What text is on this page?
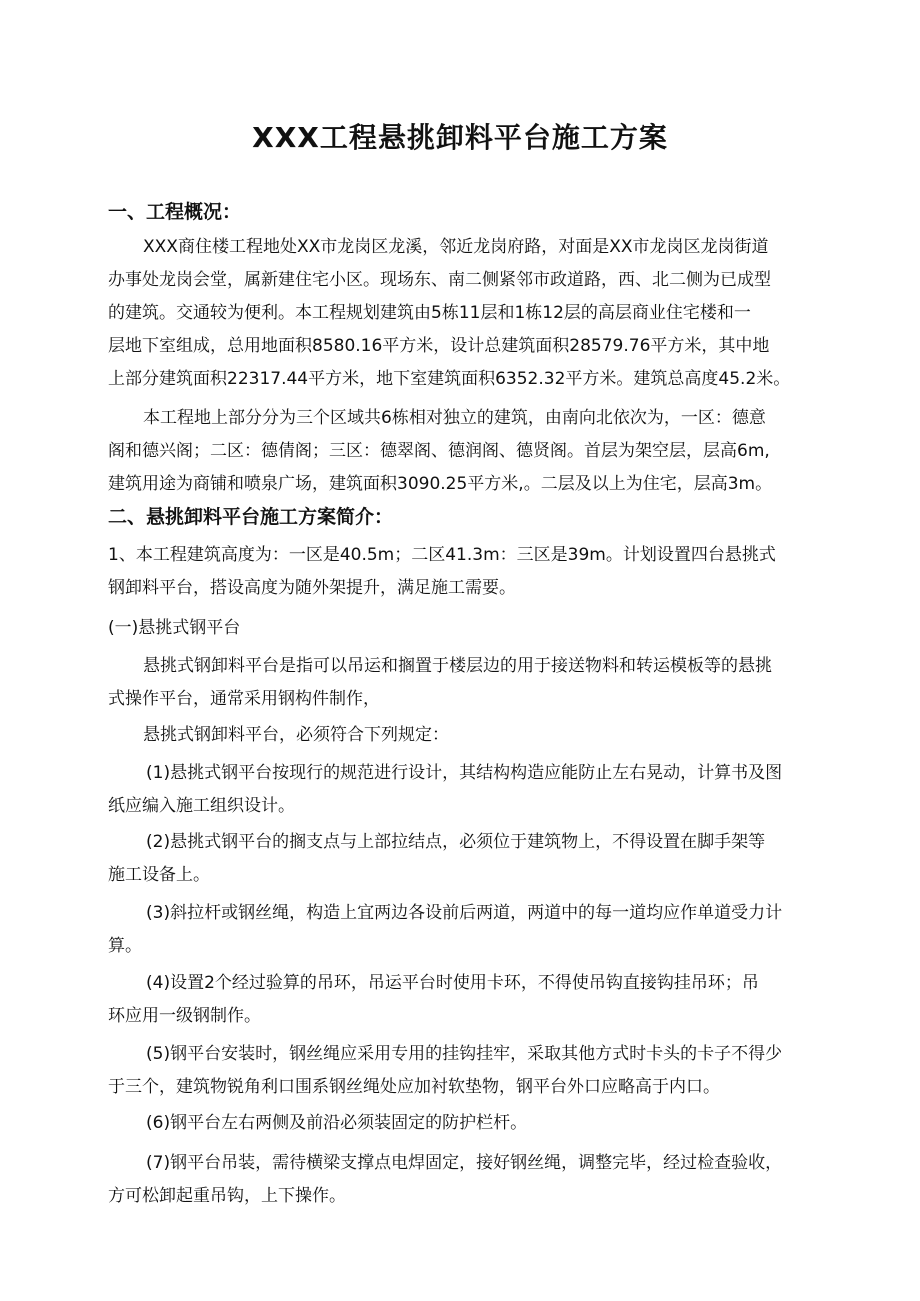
XXX工程悬挑卸料平台施工方案
一、工程概况：
XXX商住楼工程地处XX市龙岗区龙溪，邻近龙岗府路，对面是XX市龙岗区龙岗街道
办事处龙岗会堂，属新建住宅小区。现场东、南二侧紧邻市政道路，西、北二侧为已成型
的建筑。交通较为便利。本工程规划建筑由5栋11层和1栋12层的高层商业住宅楼和一
层地下室组成，总用地面积8580.16平方米，设计总建筑面积28579.76平方米，其中地
上部分建筑面积22317.44平方米，地下室建筑面积6352.32平方米。建筑总高度45.2米。
本工程地上部分分为三个区域共6栋相对独立的建筑，由南向北依次为，一区：德意
阁和德兴阁；二区：德倩阁；三区：德翠阁、德润阁、德贤阁。首层为架空层，层高6m,
建筑用途为商铺和喷泉广场，建筑面积3090.25平方米,。二层及以上为住宅，层高3m。
二、悬挑卸料平台施工方案简介：
1、本工程建筑高度为：一区是40.5m；二区41.3m：三区是39m。计划设置四台悬挑式
钢卸料平台，搭设高度为随外架提升，满足施工需要。
(一)悬挑式钢平台
悬挑式钢卸料平台是指可以吊运和搁置于楼层边的用于接送物料和转运模板等的悬挑
式操作平台，通常采用钢构件制作，
悬挑式钢卸料平台，必须符合下列规定：
(1)悬挑式钢平台按现行的规范进行设计，其结构构造应能防止左右晃动，计算书及图
纸应编入施工组织设计。
(2)悬挑式钢平台的搁支点与上部拉结点，必须位于建筑物上，不得设置在脚手架等
施工设备上。
(3)斜拉杆或钢丝绳，构造上宜两边各设前后两道，两道中的每一道均应作单道受力计
算。
(4)设置2个经过验算的吊环，吊运平台时使用卡环，不得使吊钩直接钩挂吊环；吊
环应用一级钢制作。
(5)钢平台安装时，钢丝绳应采用专用的挂钩挂牢，采取其他方式时卡头的卡子不得少
于三个，建筑物锐角利口围系钢丝绳处应加衬软垫物，钢平台外口应略高于内口。
(6)钢平台左右两侧及前沿必须装固定的防护栏杆。
(7)钢平台吊装，需待横梁支撑点电焊固定，接好钢丝绳，调整完毕，经过检查验收，
方可松卸起重吊钩，上下操作。
